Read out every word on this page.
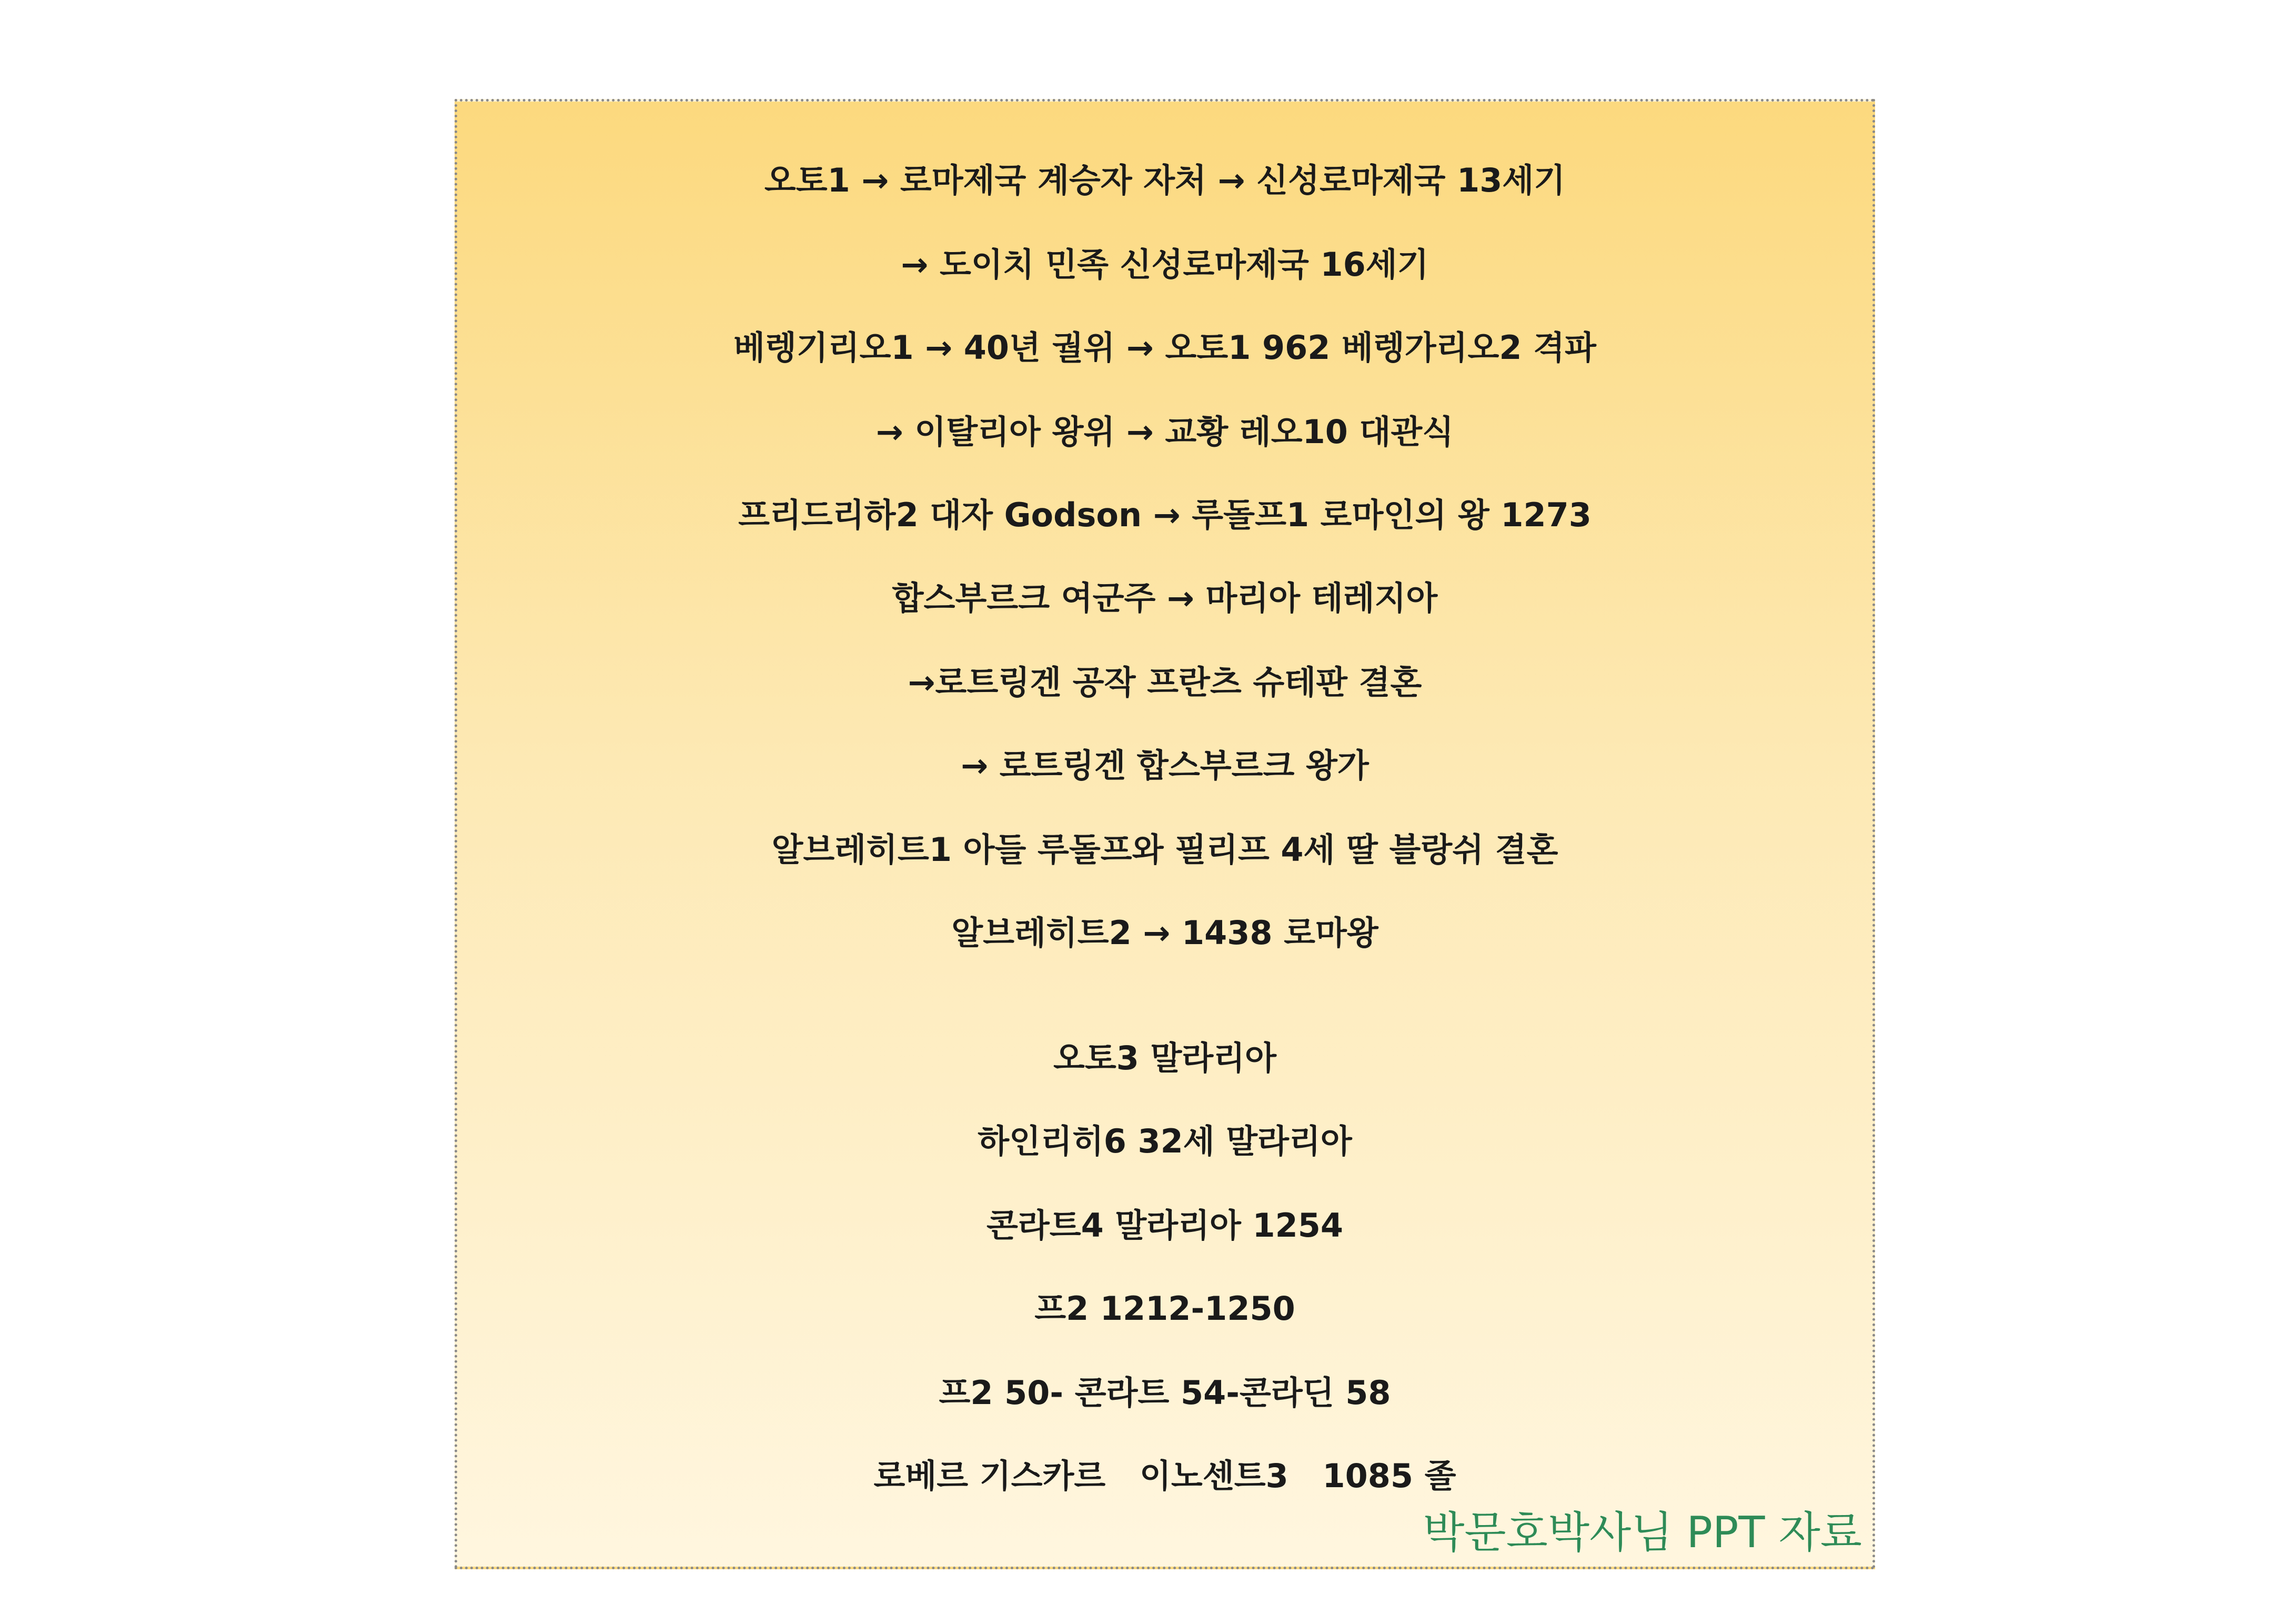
오토1 → 로마제국 계승자 자처 → 신성로마제국 13세기
→ 도이치 민족 신성로마제국 16세기
베렝기리오1 → 40년 궐위 → 오토1 962 베렝가리오2 격파
→ 이탈리아 왕위 → 교황 레오10 대관식
프리드리하2 대자 Godson → 루돌프1 로마인의 왕 1273
합스부르크 여군주 → 마리아 테레지아
→로트링겐 공작 프란츠 슈테판 결혼
→ 로트링겐 합스부르크 왕가
알브레히트1 아들 루돌프와 필리프 4세 딸 블랑쉬 결혼
알브레히트2 → 1438 로마왕
오토3 말라리아
하인리히6 32세 말라리아
콘라트4 말라리아 1254
프2 1212-1250
프2 50- 콘라트 54-콘라딘 58
로베르 기스카르   이노센트3   1085 졸
박문호박사님 PPT 자료
